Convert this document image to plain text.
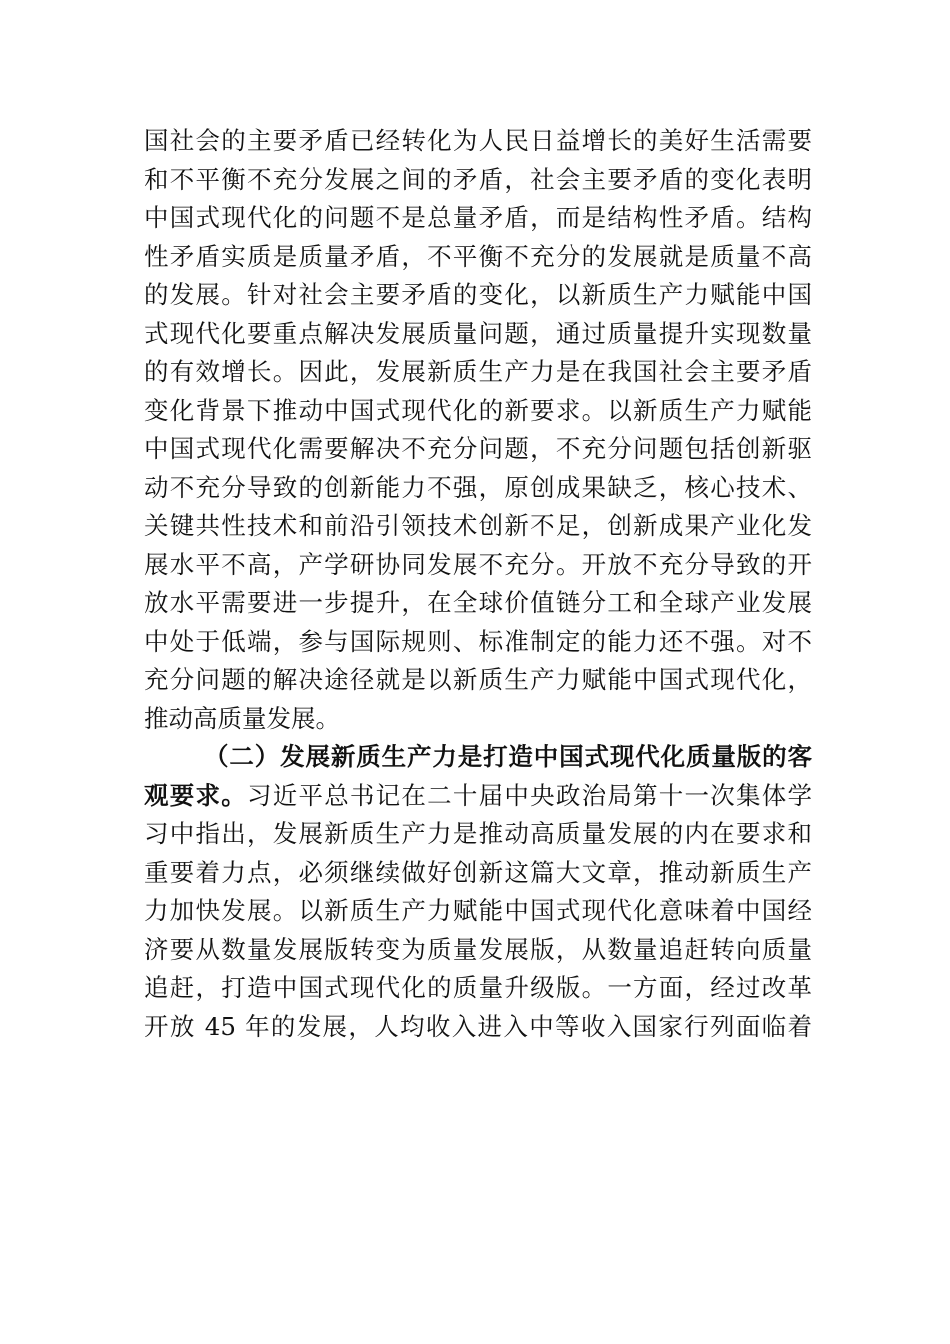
国社会的主要矛盾已经转化为人民日益增长的美好生活需要
和不平衡不充分发展之间的矛盾，社会主要矛盾的变化表明
中国式现代化的问题不是总量矛盾，而是结构性矛盾。结构
性矛盾实质是质量矛盾，不平衡不充分的发展就是质量不高
的发展。针对社会主要矛盾的变化，以新质生产力赋能中国
式现代化要重点解决发展质量问题，通过质量提升实现数量
的有效增长。因此，发展新质生产力是在我国社会主要矛盾
变化背景下推动中国式现代化的新要求。以新质生产力赋能
中国式现代化需要解决不充分问题，不充分问题包括创新驱
动不充分导致的创新能力不强，原创成果缺乏，核心技术、
关键共性技术和前沿引领技术创新不足，创新成果产业化发
展水平不高，产学研协同发展不充分。开放不充分导致的开
放水平需要进一步提升，在全球价值链分工和全球产业发展
中处于低端，参与国际规则、标准制定的能力还不强。对不
充分问题的解决途径就是以新质生产力赋能中国式现代化，
推动高质量发展。
（二）发展新质生产力是打造中国式现代化质量版的客
观要求。习近平总书记在二十届中央政治局第十一次集体学
习中指出，发展新质生产力是推动高质量发展的内在要求和
重要着力点，必须继续做好创新这篇大文章，推动新质生产
力加快发展。以新质生产力赋能中国式现代化意味着中国经
济要从数量发展版转变为质量发展版，从数量追赶转向质量
追赶，打造中国式现代化的质量升级版。一方面，经过改革
开放 45 年的发展，人均收入进入中等收入国家行列面临着
